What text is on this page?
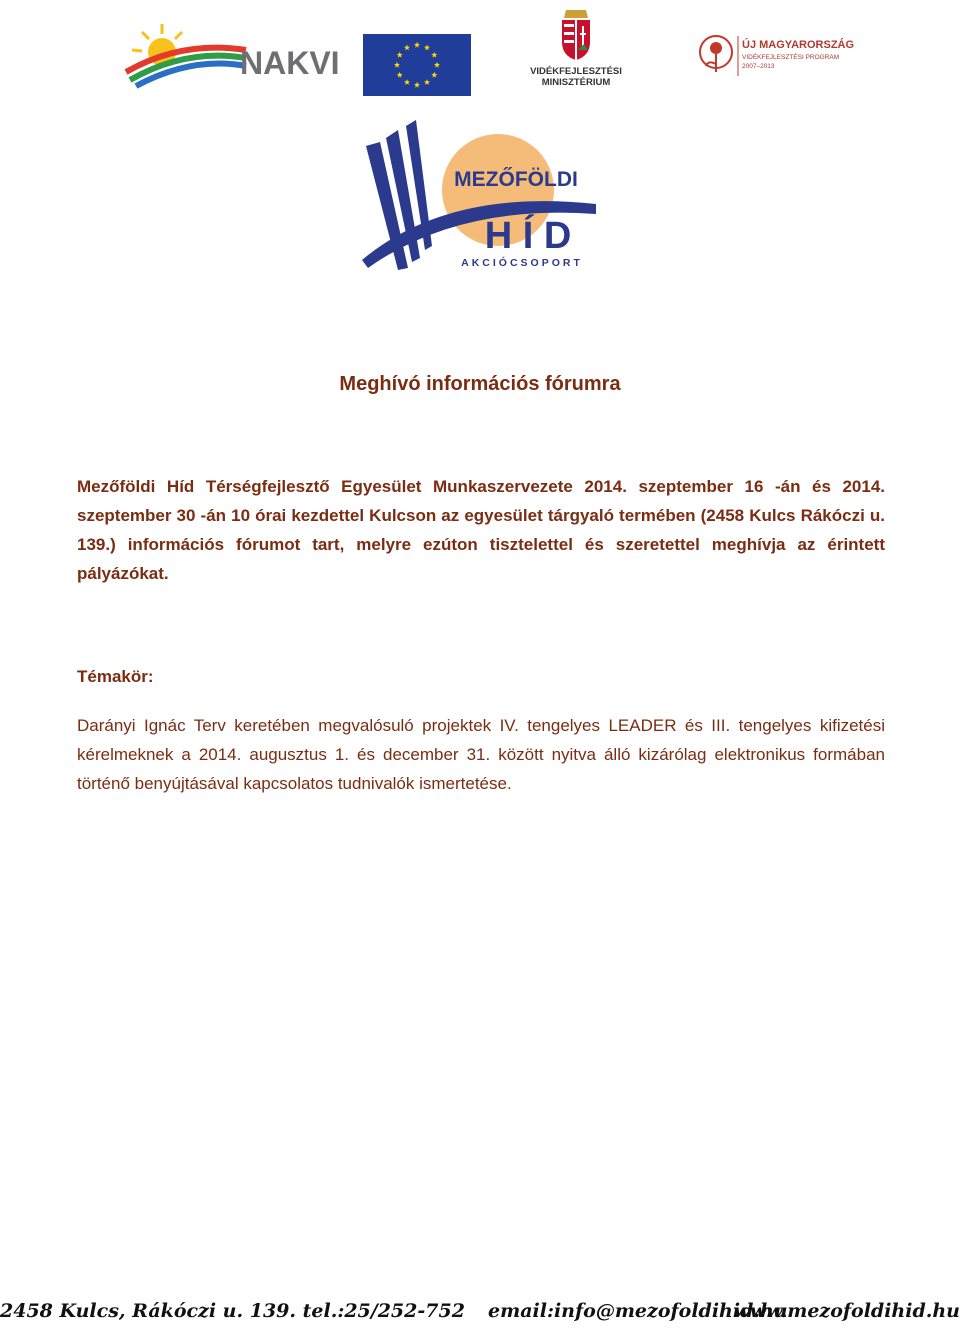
NAKVI	VIDÉKFEJLESZTÉSI
MINISZTÉRIUM
ÚJ MAGYARORSZÁG
VIDÉKFEJLESZTÉSI PROGRAM
2007–2013
MEZŐFÖLDI
H Í D
AKCIÓCSOPORT
Meghívó információs fórumra

Mezőföldi Híd Térségfejlesztő Egyesület Munkaszervezete 2014. szeptember 16 -án és 2014. szeptember 30 -án 10 órai kezdettel Kulcson az egyesület tárgyaló termében (2458 Kulcs Rákóczi u. 139.) információs fórumot tart, melyre ezúton tisztelettel és szeretettel meghívja az érintett pályázókat.

Témakör:

Darányi Ignác Terv keretében megvalósuló projektek IV. tengelyes LEADER és III. tengelyes kifizetési kérelmeknek a 2014. augusztus 1. és december 31. között nyitva álló kizárólag elektronikus formában történő benyújtásával kapcsolatos tudnivalók ismertetése.

2458 Kulcs, Rákóczi u. 139. tel.:25/252-752 email:info@mezofoldihid.hu
www.mezofoldihid.hu
